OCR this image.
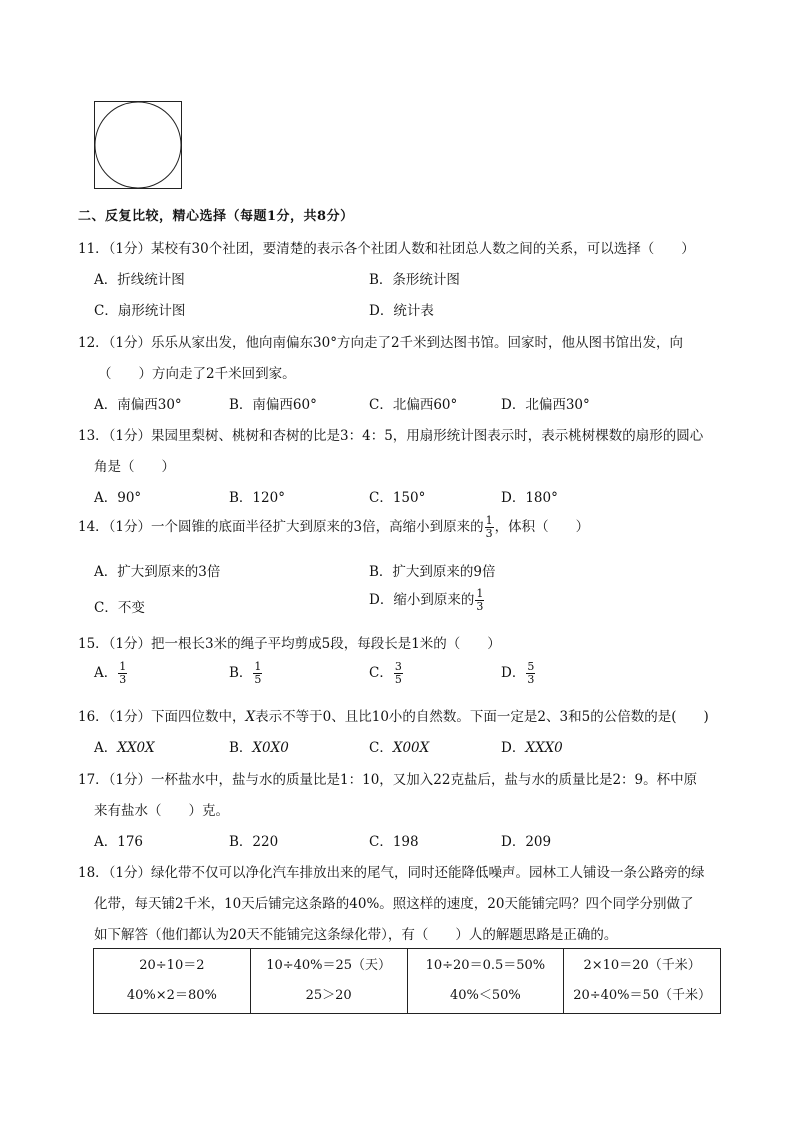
二、反复比较，精心选择（每题1分，共8分）
11．（1分）某校有30个社团，要清楚的表示各个社团人数和社团总人数之间的关系，可以选择（　　）
A．折线统计图	B．条形统计图
C．扇形统计图	D．统计表
12．（1分）乐乐从家出发，他向南偏东30°方向走了2千米到达图书馆。回家时，他从图书馆出发，向
（　　）方向走了2千米回到家。
A．南偏西30°	B．南偏西60°	C．北偏西60°	D．北偏西30°
13．（1分）果园里梨树、桃树和杏树的比是3：4：5，用扇形统计图表示时，表示桃树棵数的扇形的圆心
角是（　　）
A．90°	B．120°	C．150°	D．180°
14．（1分）一个圆锥的底面半径扩大到原来的3倍，高缩小到原来的 $\frac{1}{3}$ ，体积（　　）
A．扩大到原来的3倍	B．扩大到原来的9倍
C．不变	D．缩小到原来的 $\frac{1}{3}$
15．（1分）把一根长3米的绳子平均剪成5段，每段长是1米的（　　）
A． $\frac{1}{3}$	B． $\frac{1}{5}$	C． $\frac{3}{5}$	D． $\frac{5}{3}$
16．（1分）下面四位数中，X表示不等于0、且比10小的自然数。下面一定是2、3和5的公倍数的是(　　)
A．XX0X	B．X0X0	C．X00X	D．XXX0
17．（1分）一杯盐水中，盐与水的质量比是1：10，又加入22克盐后，盐与水的质量比是2：9。杯中原
来有盐水（　　）克。
A．176	B．220	C．198	D．209
18．（1分）绿化带不仅可以净化汽车排放出来的尾气，同时还能降低噪声。园林工人铺设一条公路旁的绿
化带，每天铺2千米，10天后铺完这条路的40%。照这样的速度，20天能铺完吗？四个同学分别做了
如下解答（他们都认为20天不能铺完这条绿化带），有（　　）人的解题思路是正确的。
20÷10＝2
40%×2＝80%

10÷40%＝25（天）
25＞20

10÷20＝0.5＝50%
40%＜50%

2×10＝20（千米）
20÷40%＝50（千米）
